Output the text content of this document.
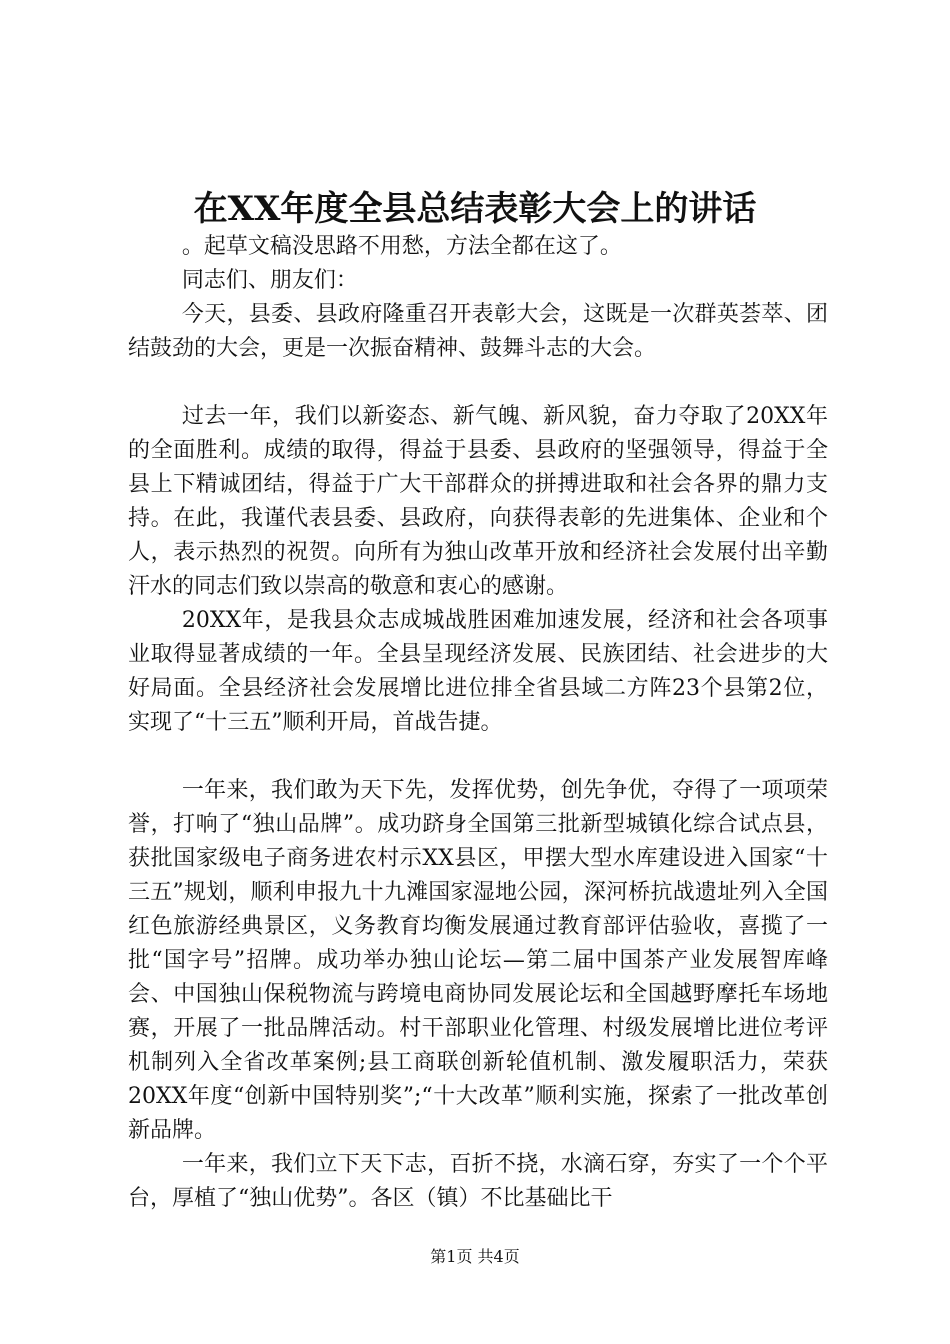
在XX年度全县总结表彰大会上的讲话

。起草文稿没思路不用愁，方法全都在这了。

同志们、朋友们：

今天，县委、县政府隆重召开表彰大会，这既是一次群英荟萃、团结鼓劲的大会，更是一次振奋精神、鼓舞斗志的大会。

过去一年，我们以新姿态、新气魄、新风貌，奋力夺取了20XX年的全面胜利。成绩的取得，得益于县委、县政府的坚强领导，得益于全县上下精诚团结，得益于广大干部群众的拼搏进取和社会各界的鼎力支持。在此，我谨代表县委、县政府，向获得表彰的先进集体、企业和个人，表示热烈的祝贺。向所有为独山改革开放和经济社会发展付出辛勤汗水的同志们致以崇高的敬意和衷心的感谢。

20XX年，是我县众志成城战胜困难加速发展，经济和社会各项事业取得显著成绩的一年。全县呈现经济发展、民族团结、社会进步的大好局面。全县经济社会发展增比进位排全省县域二方阵23个县第2位，实现了“十三五”顺利开局，首战告捷。

一年来，我们敢为天下先，发挥优势，创先争优，夺得了一项项荣誉，打响了“独山品牌”。成功跻身全国第三批新型城镇化综合试点县，获批国家级电子商务进农村示XX县区，甲摆大型水库建设进入国家“十三五”规划，顺利申报九十九滩国家湿地公园，深河桥抗战遗址列入全国红色旅游经典景区，义务教育均衡发展通过教育部评估验收，喜揽了一批“国字号”招牌。成功举办独山论坛—第二届中国茶产业发展智库峰会、中国独山保税物流与跨境电商协同发展论坛和全国越野摩托车场地赛，开展了一批品牌活动。村干部职业化管理、村级发展增比进位考评机制列入全省改革案例;县工商联创新轮值机制、激发履职活力，荣获20XX年度“创新中国特别奖”;“十大改革”顺利实施，探索了一批改革创新品牌。

一年来，我们立下天下志，百折不挠，水滴石穿，夯实了一个个平台，厚植了“独山优势”。各区（镇）不比基础比干

第1页 共4页
